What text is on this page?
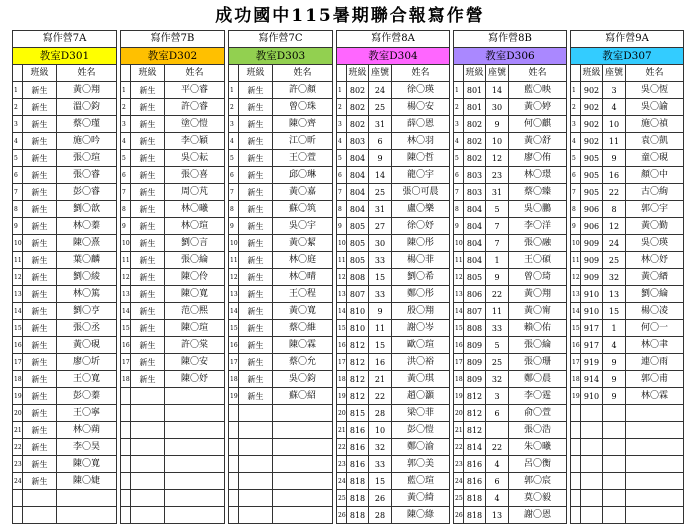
成功國中115暑期聯合報寫作營
寫作營7A				寫作營7B				寫作營7C				寫作營8A					寫作營8B					寫作營9A			
教室D301				教室D302				教室D303				教室D304					教室D306					教室D307			
	班級	姓名			班級	姓名			班級	姓名			班級	座號	姓名			班級	座號	姓名			班級	座號	姓名
1	新生	黃〇翔		1	新生	平〇睿		1	新生	許〇顏		1	802	24	徐〇瑛		1	801	14	藍〇映		1	902	3	吳〇恆
2	新生	溫〇鈞		2	新生	許〇睿		2	新生	曾〇珠		2	802	25	楊〇安		2	801	30	黃〇婷		2	902	4	吳〇諭
3	新生	蔡〇瑾		3	新生	塗〇愷		3	新生	陳〇齊		3	802	31	薛〇恩		3	802	9	何〇麒		3	902	10	施〇禎
4	新生	施〇吟		4	新生	李〇穎		4	新生	江〇昕		4	803	6	林〇羽		4	802	10	黃〇舒		4	902	11	袁〇凱
5	新生	張〇瑄		5	新生	吳〇耘		5	新生	王〇萱		5	804	9	陳〇哲		5	802	12	廖〇侑		5	905	9	童〇硯
6	新生	張〇睿		6	新生	張〇喜		6	新生	邱〇琳		6	804	14	龍〇宇		6	803	23	林〇璟		6	905	16	顏〇中
7	新生	彭〇睿		7	新生	周〇芃		7	新生	黃〇嘉		7	804	25	張〇可晨		7	803	31	蔡〇臻		7	905	22	古〇絢
8	新生	劉〇歆		8	新生	林〇曦		8	新生	蘇〇筑		8	804	31	盧〇樂		8	804	5	吳〇鵬		8	906	8	郭〇宇
9	新生	林〇蓁		9	新生	林〇瑄		9	新生	吳〇宇		9	805	27	徐〇妤		9	804	7	李〇洋		9	906	12	黃〇勤
10	新生	陳〇熹		10	新生	劉〇言		10	新生	黃〇絜		10	805	30	陳〇彤		10	804	7	張〇融		10	909	24	吳〇瑛
11	新生	葉〇麟		11	新生	張〇綸		11	新生	林〇庭		11	805	33	楊〇菲		11	804	1	王〇碩		11	909	25	林〇妤
12	新生	劉〇綾		12	新生	陳〇伶		12	新生	林〇晴		12	808	15	劉〇希		12	805	9	曾〇琦		12	909	32	黃〇縉
13	新生	林〇篤		13	新生	陳〇寬		13	新生	王〇程		13	807	33	鄭〇彤		13	806	22	黃〇翔		13	910	13	劉〇綸
14	新生	劉〇亨		14	新生	范〇熙		14	新生	黃〇寬		14	810	9	殷〇翔		14	807	11	黃〇甯		14	910	15	楊〇凌
15	新生	張〇丞		15	新生	陳〇瑄		15	新生	蔡〇維		15	810	11	謝〇岑		15	808	33	賴〇佑		15	917	1	何〇一
16	新生	黃〇硯		16	新生	許〇棠		16	新生	陳〇霖		16	812	15	歐〇瑄		16	809	5	張〇綸		16	917	4	林〇聿
17	新生	廖〇圻		17	新生	陳〇安		17	新生	蔡〇允		17	812	16	洪〇裕		17	809	25	張〇珊		17	919	9	連〇雨
18	新生	王〇寬		18	新生	陳〇妤		18	新生	吳〇鈞		18	812	21	黃〇琪		18	809	32	鄭〇晨		18	914	9	郭〇甫
19	新生	彭〇蓁						19	新生	蘇〇紹		19	812	22	趙〇灝		19	812	3	李〇霆		19	910	9	林〇霖
20	新生	王〇寧										20	815	28	梁〇菲		20	812	6	俞〇萱					
21	新生	林〇蒴										21	816	10	彭〇愷		21	812		張〇浩					
22	新生	李〇昊										22	816	32	鄭〇渝		22	814	22	朱〇曦					
23	新生	陳〇寬										23	816	33	郭〇美		23	816	4	呂〇衡					
24	新生	陳〇婕										24	818	15	藍〇瑄		24	816	6	郭〇宸					
												25	818	26	黃〇綺		25	818	4	莫〇毅					
												26	818	28	陳〇綠		26	818	13	謝〇恩					
